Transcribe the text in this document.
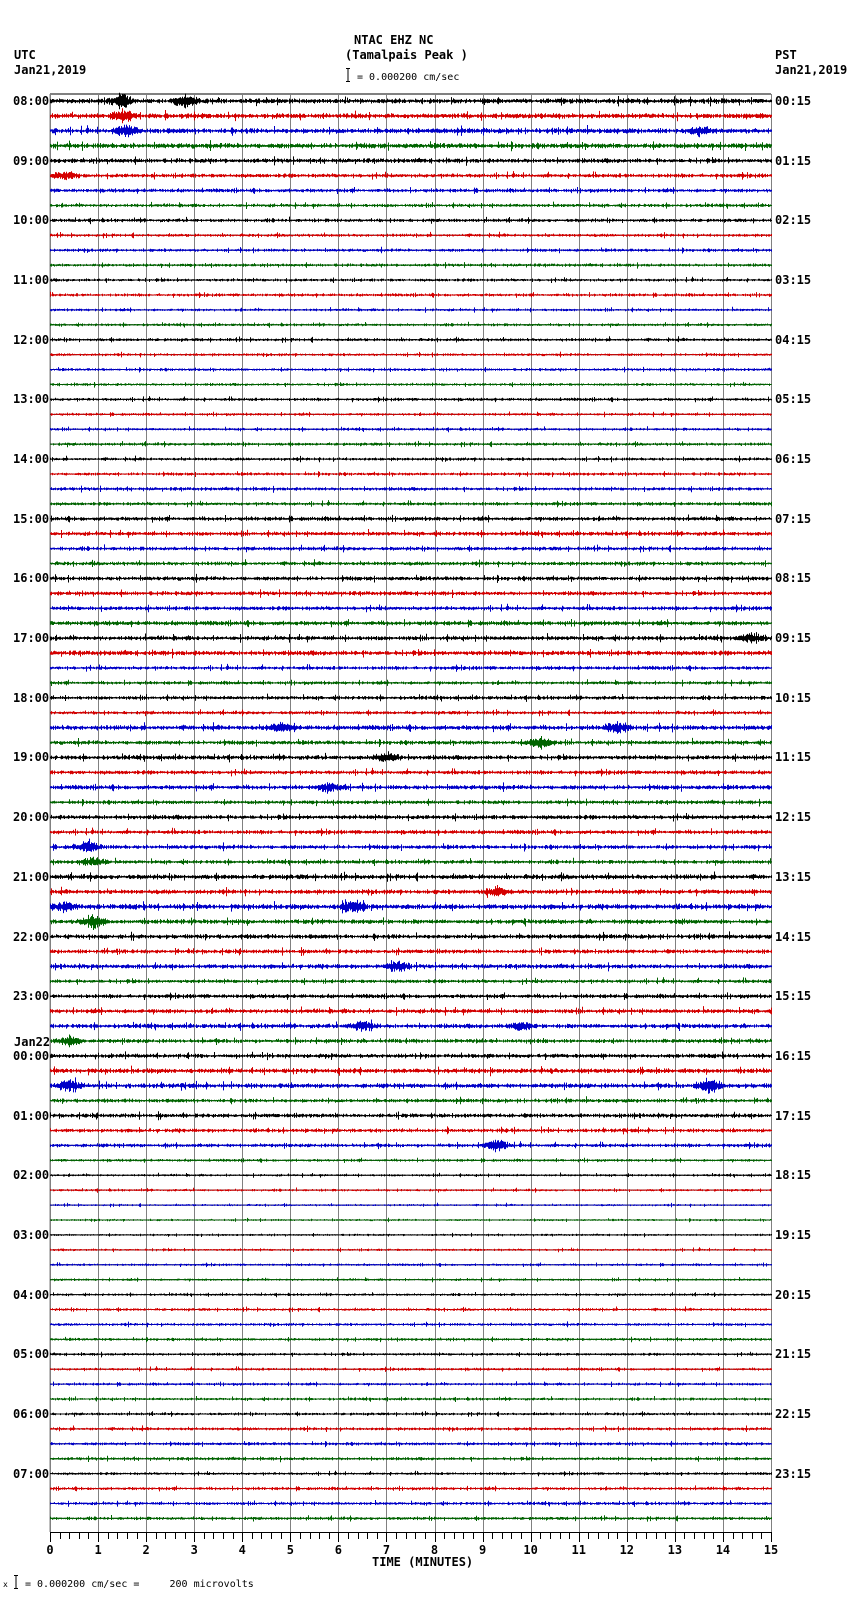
NTAC EHZ NC
(Tamalpais Peak )
= 0.000200 cm/sec
UTC
Jan21,2019
PST
Jan21,2019
0	1	2	3	4	5	6	7	8	9	10	11	12	13	14	15
08:00
09:00
10:00
11:00
12:00
13:00
14:00
15:00
16:00
17:00
18:00
19:00
20:00
21:00
22:00
23:00
Jan22
00:00
01:00
02:00
03:00
04:00
05:00
06:00
07:00
00:15
01:15
02:15
03:15
04:15
05:15
06:15
07:15
08:15
09:15
10:15
11:15
12:15
13:15
14:15
15:15
16:15
17:15
18:15
19:15
20:15
21:15
22:15
23:15
TIME (MINUTES)
x = 0.000200 cm/sec =     200 microvolts
